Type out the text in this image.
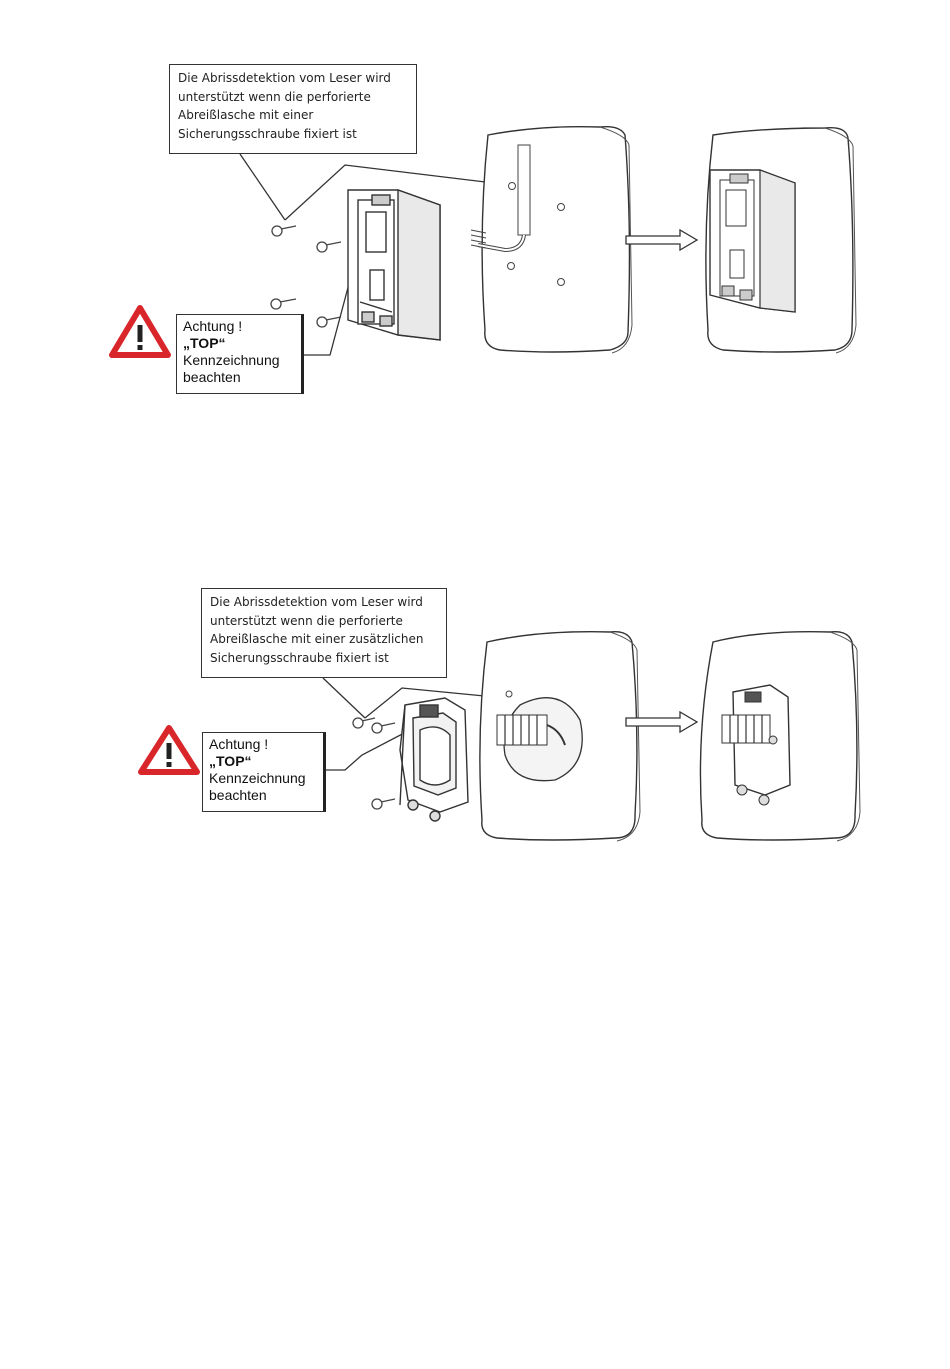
Die Abrissdetektion vom Leser wird
unterstützt wenn die perforierte
Abreißlasche mit einer
Sicherungsschraube fixiert ist
Achtung !
„TOP“
Kennzeichnung
beachten
Die Abrissdetektion vom Leser wird
unterstützt wenn die perforierte
Abreißlasche mit einer zusätzlichen
Sicherungsschraube fixiert ist
Achtung !
„TOP“
Kennzeichnung
beachten
